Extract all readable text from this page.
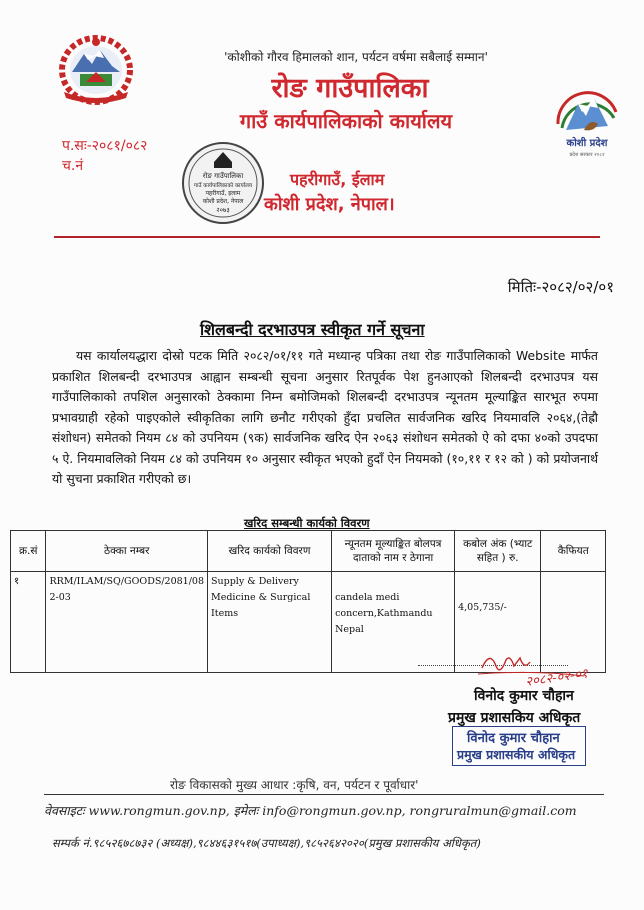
'कोशीको गौरव हिमालको शान, पर्यटन वर्षमा सबैलाई सम्मान'
रोङ गाउँपालिका
गाउँ कार्यपालिकाको कार्यालय
प.सः-२०८१/०८२
च.नं
रोङ गाउँपालिका
गाउँ कार्यपालिकाको कार्यालय
पहरीगाउँ, इलाम
कोशी प्रदेश, नेपाल
२०७३
पहरीगाउँ, ईलाम
कोशी प्रदेश, नेपाल।
कोशी प्रदेश
प्रदेश सरकार २०८२
मितिः-२०८२/०२/०१
शिलबन्दी दरभाउपत्र स्वीकृत गर्ने सूचना
यस कार्यालयद्धारा दोस्रो पटक मिति २०८२/०१/११ गते मध्यान्ह पत्रिका तथा रोङ गाउँपालिकाको Website मार्फत प्रकाशित शिलबन्दी दरभाउपत्र आह्वान सम्बन्धी सूचना अनुसार रितपूर्वक पेश हुनआएको शिलबन्दी दरभाउपत्र यस गाउँपालिकाको तपशिल अनुसारको ठेक्कामा निम्न बमोजिमको शिलबन्दी दरभाउपत्र न्यूनतम मूल्याङ्कित सारभूत रुपमा प्रभावग्राही रहेको पाइएकोले स्वीकृतिका लागि छनौट गरीएको हुँदा प्रचलित सार्वजनिक खरिद नियमावलि २०६४,(तेह्रौ संशोधन) समेतको नियम ८४ को उपनियम (९क) सार्वजनिक खरिद ऐन २०६३ संशोधन समेतको ऐ को दफा ४०को उपदफा ५ ऐ. नियमावलिको नियम ८४ को उपनियम १० अनुसार स्वीकृत भएको हुदाँ ऐन नियमको (१०,११ र १२ को ) को प्रयोजनार्थ यो सुचना प्रकाशित गरीएको छ।
खरिद सम्बन्धी कार्यको विवरण
क्र.सं	ठेक्का नम्बर	खरिद कार्यको विवरण	न्यूनतम मूल्याङ्कित बोलपत्र दाताको नाम र ठेगाना	कबोल अंक (भ्याट सहित ) रु.	कैफियत
१	RRM/ILAM/SQ/GOODS/2081/08 2-03	Supply & Delivery Medicine & Surgical Items	candela medi concern,Kathmandu Nepal	4,05,735/-	
२०८२-०२-०१
विनोद कुमार चौहान
प्रमुख प्रशासकिय अधिकृत
विनोद कुमार चौहान
प्रमुख प्रशासकीय अधिकृत
रोङ विकासको मुख्य आधार :कृषि, वन, पर्यटन र पूर्वाधार'
वेवसाइटः www.rongmun.gov.np, इमेलः info@rongmun.gov.np, rongruralmun@gmail.com
सम्पर्क नं.९८५२६७८७३२ (अध्यक्ष),९८४४६३१५१७(उपाध्यक्ष),९८५२६४२०२०(प्रमुख प्रशासकीय अधिकृत)
